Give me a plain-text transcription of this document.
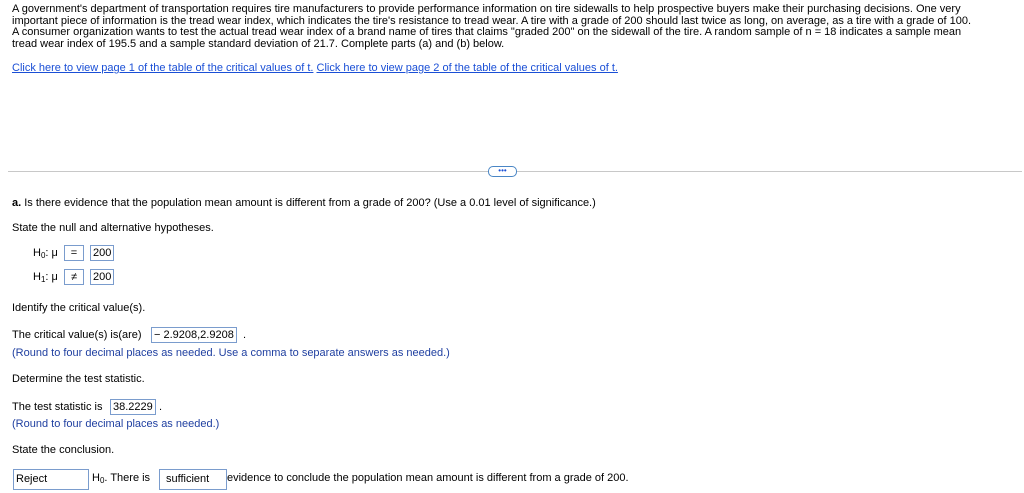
A government's department of transportation requires tire manufacturers to provide performance information on tire sidewalls to help prospective buyers make their purchasing decisions. One very

important piece of information is the tread wear index, which indicates the tire's resistance to tread wear. A tire with a grade of 200 should last twice as long, on average, as a tire with a grade of 100.

A consumer organization wants to test the actual tread wear index of a brand name of tires that claims "graded 200" on the sidewall of the tire. A random sample of n = 18 indicates a sample mean

tread wear index of 195.5 and a sample standard deviation of 21.7. Complete parts (a) and (b) below.

Click here to view page 1 of the table of the critical values of t. Click here to view page 2 of the table of the critical values of t.
•••
a. Is there evidence that the population mean amount is different from a grade of 200? (Use a 0.01 level of significance.)
State the null and alternative hypotheses.
H0: μ	=	200
H1: μ	≠	200
Identify the critical value(s).
The critical value(s) is(are) − 2.9208,2.9208 .
(Round to four decimal places as needed. Use a comma to separate answers as needed.)
Determine the test statistic.
The test statistic is 38.2229 .
(Round to four decimal places as needed.)
State the conclusion.
Reject	H0. There is	sufficient	evidence to conclude the population mean amount is different from a grade of 200.
